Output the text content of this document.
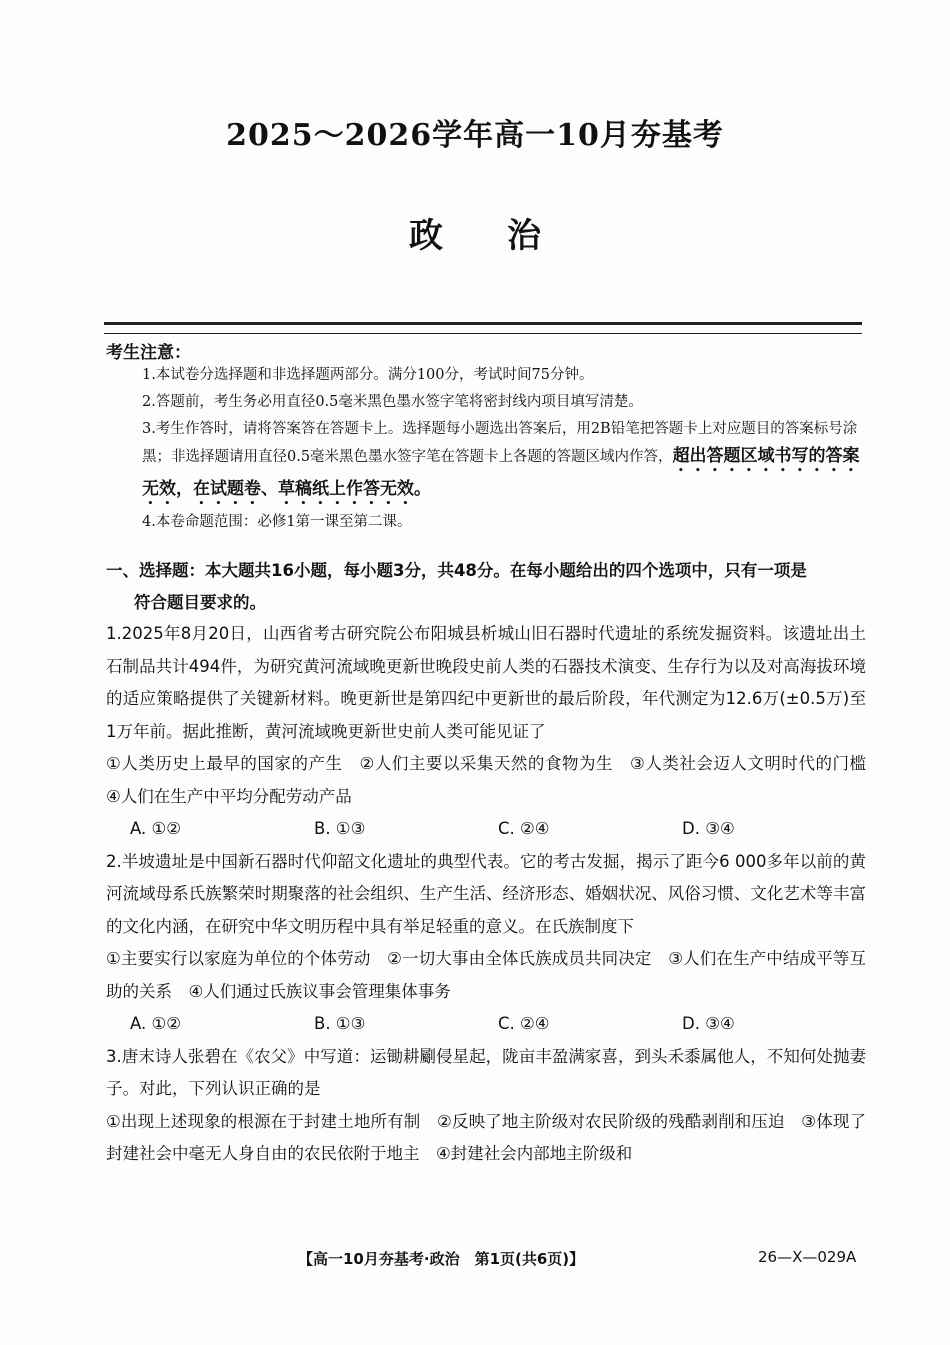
2025～2026学年高一10月夯基考
政 治
考生注意：

1.本试卷分选择题和非选择题两部分。满分100分，考试时间75分钟。

2.答题前，考生务必用直径0.5毫米黑色墨水签字笔将密封线内项目填写清楚。

3.考生作答时，请将答案答在答题卡上。选择题每小题选出答案后，用2B铅笔把答题卡上对应题目的答案标号涂黑；非选择题请用直径0.5毫米黑色墨水签字笔在答题卡上各题的答题区域内作答，超出答题区域书写的答案无效，在试题卷、草稿纸上作答无效。

4.本卷命题范围：必修1第一课至第二课。

一、选择题：本大题共16小题，每小题3分，共48分。在每小题给出的四个选项中，只有一项是
符合题目要求的。

1.2025年8月20日，山西省考古研究院公布阳城县析城山旧石器时代遗址的系统发掘资料。该遗址出土石制品共计494件，为研究黄河流域晚更新世晚段史前人类的石器技术演变、生存行为以及对高海拔环境的适应策略提供了关键新材料。晚更新世是第四纪中更新世的最后阶段，年代测定为12.6万(±0.5万)至1万年前。据此推断，黄河流域晚更新世史前人类可能见证了

①人类历史上最早的国家的产生　②人们主要以采集天然的食物为生　③人类社会迈人文明时代的门槛　④人们在生产中平均分配劳动产品

A. ①②	B. ①③	C. ②④	D. ③④

2.半坡遗址是中国新石器时代仰韶文化遗址的典型代表。它的考古发掘，揭示了距今6 000多年以前的黄河流域母系氏族繁荣时期聚落的社会组织、生产生活、经济形态、婚姻状况、风俗习惯、文化艺术等丰富的文化内涵，在研究中华文明历程中具有举足轻重的意义。在氏族制度下

①主要实行以家庭为单位的个体劳动　②一切大事由全体氏族成员共同决定　③人们在生产中结成平等互助的关系　④人们通过氏族议事会管理集体事务

A. ①②	B. ①③	C. ②④	D. ③④

3.唐末诗人张碧在《农父》中写道：运锄耕劚侵星起，陇亩丰盈满家喜，到头禾黍属他人，不知何处抛妻子。对此，下列认识正确的是

①出现上述现象的根源在于封建土地所有制　②反映了地主阶级对农民阶级的残酷剥削和压迫　③体现了封建社会中毫无人身自由的农民依附于地主　④封建社会内部地主阶级和

【高一10月夯基考·政治　第1页(共6页)】	26—X—029A
